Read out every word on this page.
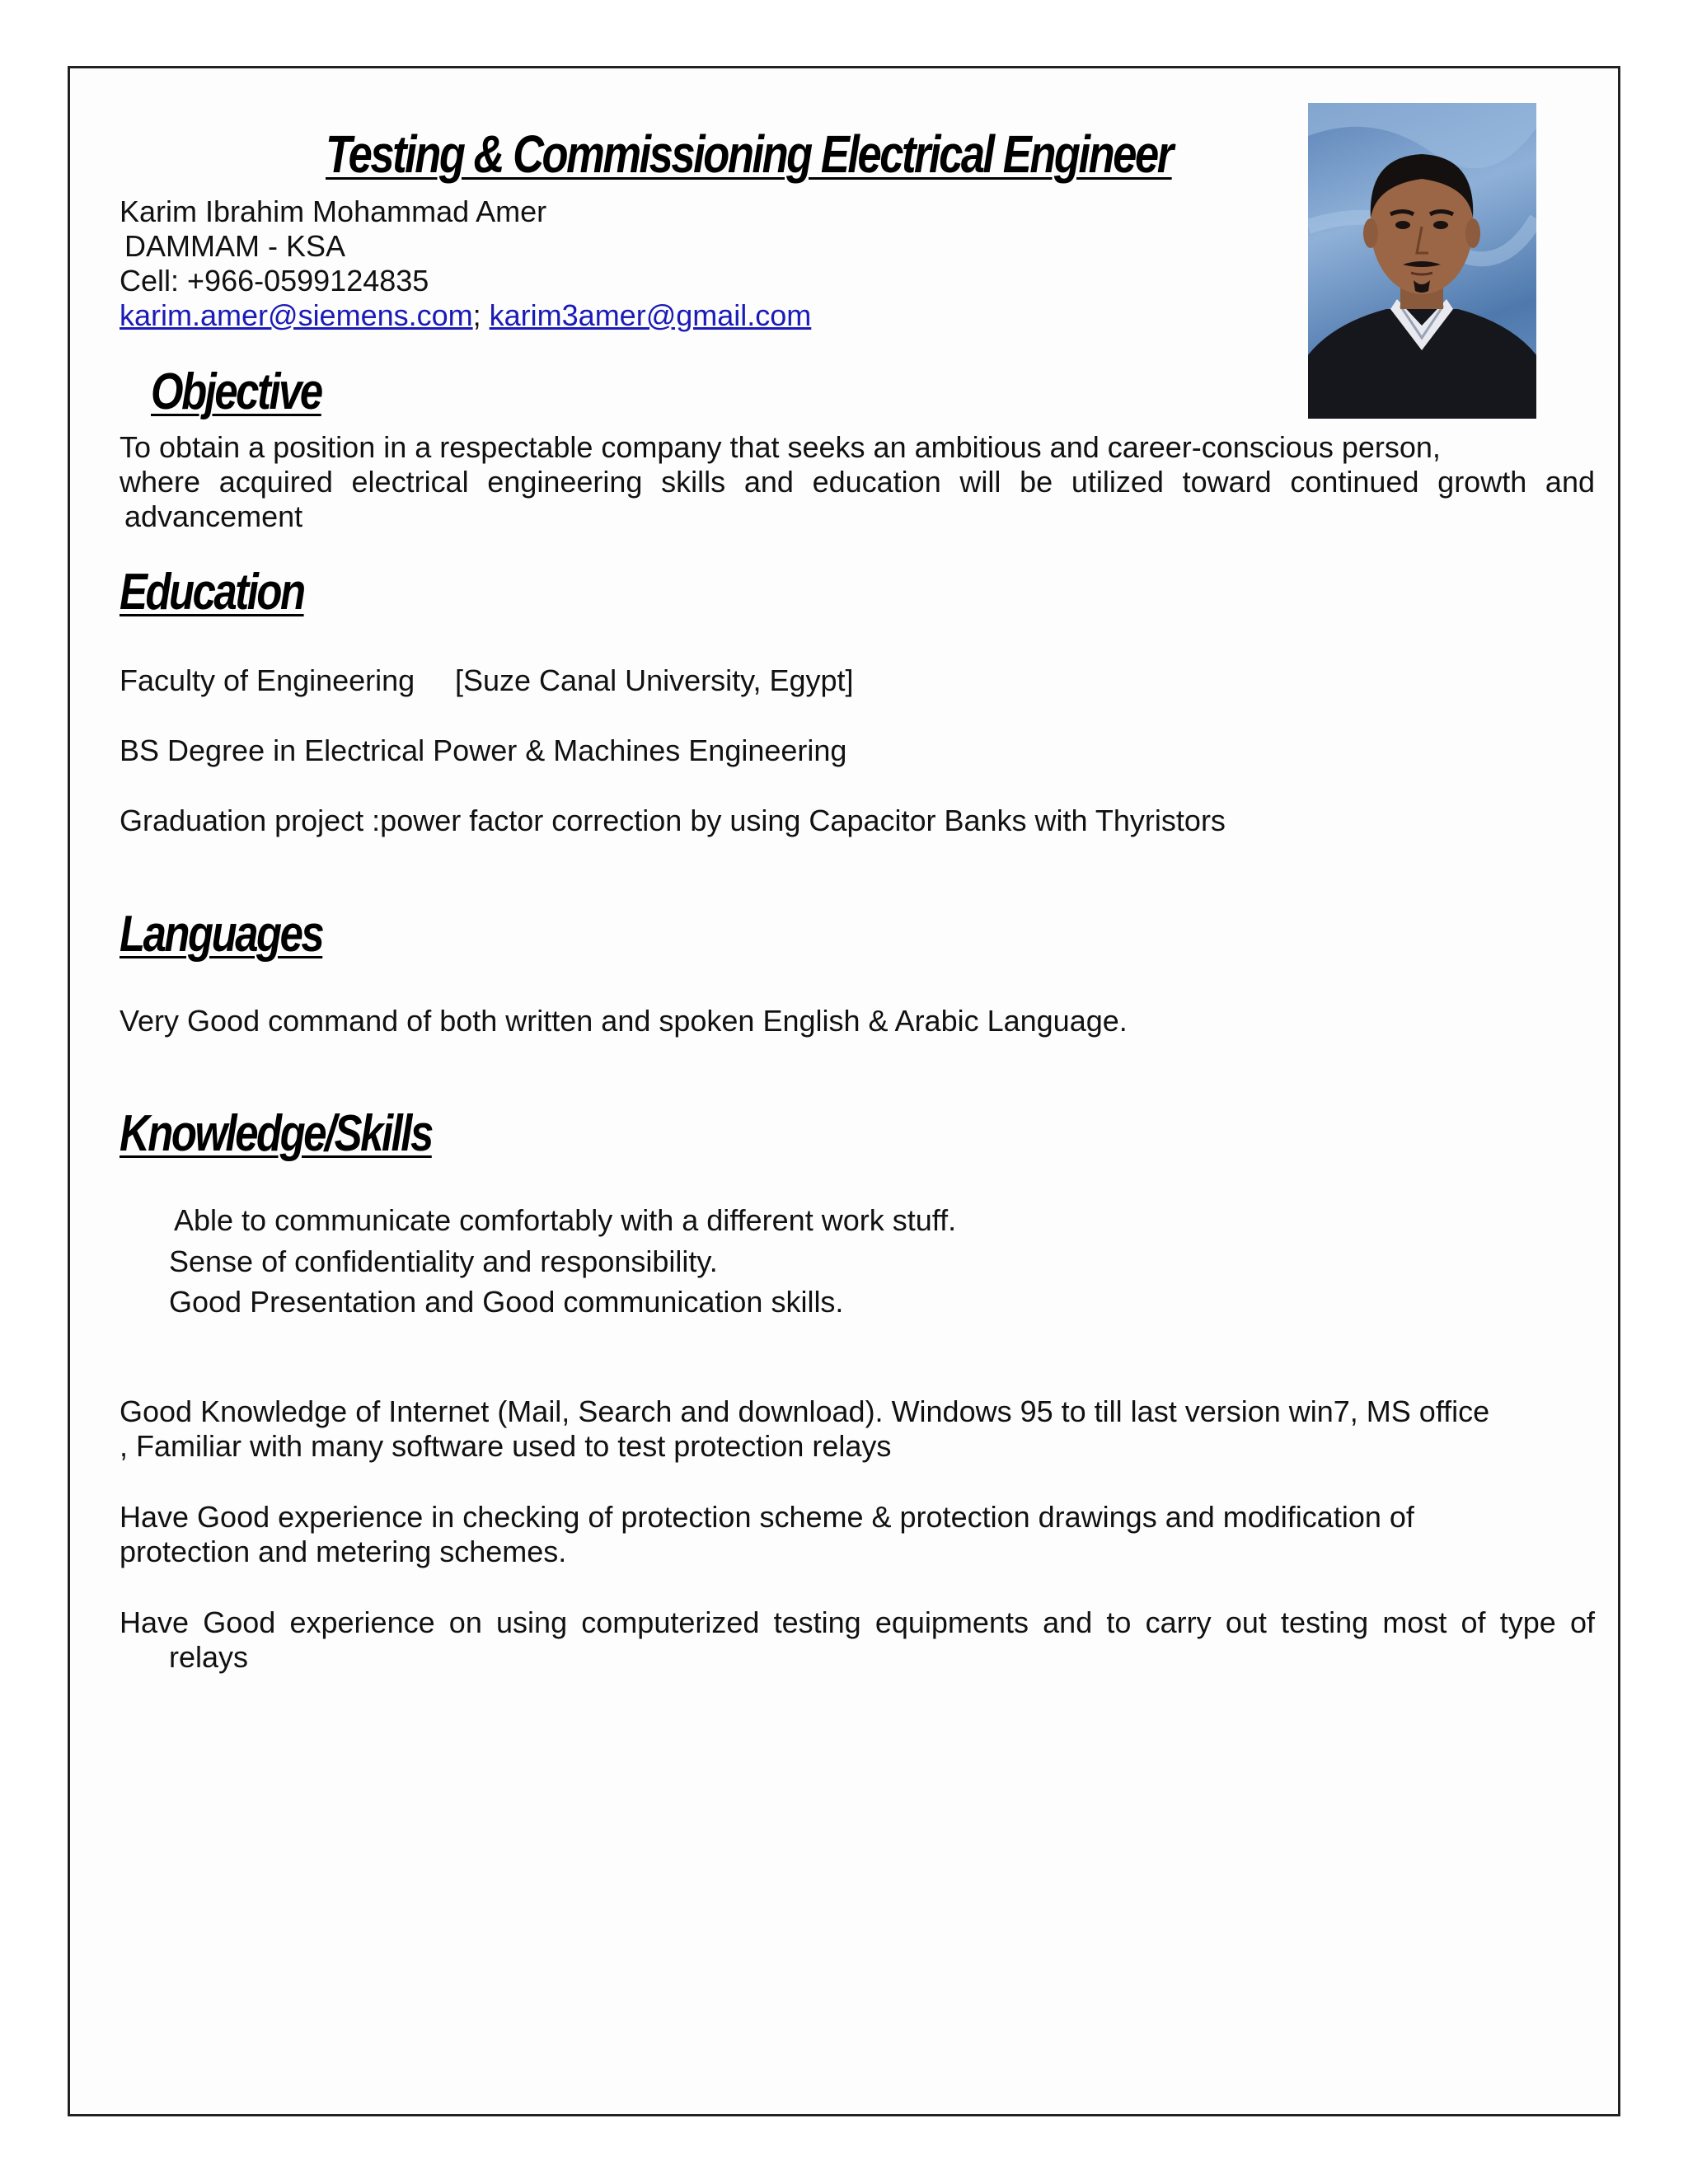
Testing & Commissioning Electrical Engineer
Karim Ibrahim Mohammad Amer
DAMMAM - KSA
Cell: +966-0599124835
karim.amer@siemens.com; karim3amer@gmail.com
Objective
To obtain a position in a respectable company that seeks an ambitious and career-conscious person,
where acquired electrical engineering skills and education will be utilized toward continued growth and
advancement
Education
Faculty of Engineering [Suze Canal University, Egypt]
BS Degree in Electrical Power & Machines Engineering
Graduation project :power factor correction by using Capacitor Banks with Thyristors
Languages
Very Good command of both written and spoken English & Arabic Language.
Knowledge/Skills
Able to communicate comfortably with a different work stuff.
Sense of confidentiality and responsibility.
Good Presentation and Good communication skills.
Good Knowledge of Internet (Mail, Search and download). Windows 95 to till last version win7, MS office
, Familiar with many software used to test protection relays
Have Good experience in checking of protection scheme & protection drawings and modification of
protection and metering schemes.
Have Good experience on using computerized testing equipments and to carry out testing most of type of
relays
